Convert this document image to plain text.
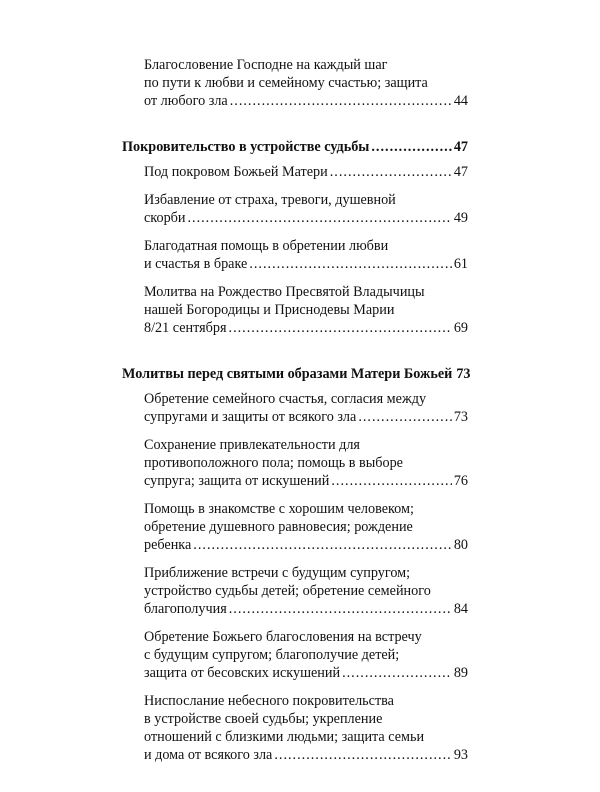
Благословение Господне на каждый шаг
по пути к любви и семейному счастью; защита
от любого зла .....	44
Покровительство в устройстве судьбы .....	47
Под покровом Божьей Матери .....	47
Избавление от страха, тревоги, душевной
скорби .....	49
Благодатная помощь в обретении любви
и счастья в браке .....	61
Молитва на Рождество Пресвятой Владычицы
нашей Богородицы и Приснодевы Марии
8/21 сентября .....	69
Молитвы перед святыми образами Матери Божьей 73
Обретение семейного счастья, согласия между
супругами и защиты от всякого зла .....	73
Сохранение привлекательности для
противоположного пола; помощь в выборе
супруга; защита от искушений .....	76
Помощь в знакомстве с хорошим человеком;
обретение душевного равновесия; рождение
ребенка .....	80
Приближение встречи с будущим супругом;
устройство судьбы детей; обретение семейного
благополучия .....	84
Обретение Божьего благословения на встречу
с будущим супругом; благополучие детей;
защита от бесовских искушений .....	89
Ниспослание небесного покровительства
в устройстве своей судьбы; укрепление
отношений с близкими людьми; защита семьи
и дома от всякого зла .....	93
